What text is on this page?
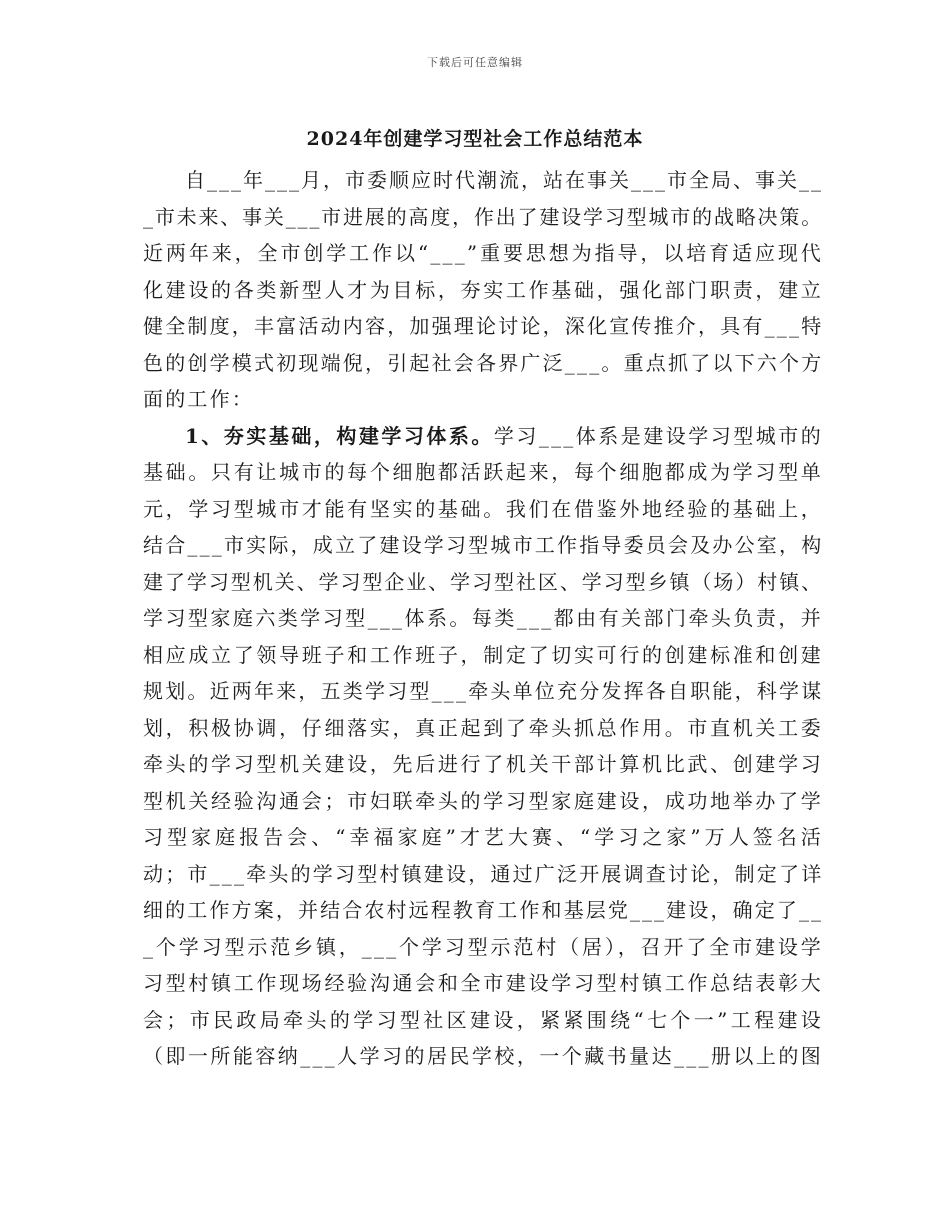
下载后可任意编辑
2024年创建学习型社会工作总结范本
自___年___月，市委顺应时代潮流，站在事关___市全局、事关__
_市未来、事关___市进展的高度，作出了建设学习型城市的战略决策。
近两年来，全市创学工作以“___”重要思想为指导，以培育适应现代
化建设的各类新型人才为目标，夯实工作基础，强化部门职责，建立
健全制度，丰富活动内容，加强理论讨论，深化宣传推介，具有___特
色的创学模式初现端倪，引起社会各界广泛___。重点抓了以下六个方
面的工作：
1、夯实基础，构建学习体系。学习___体系是建设学习型城市的
基础。只有让城市的每个细胞都活跃起来，每个细胞都成为学习型单
元，学习型城市才能有坚实的基础。我们在借鉴外地经验的基础上，
结合___市实际，成立了建设学习型城市工作指导委员会及办公室，构
建了学习型机关、学习型企业、学习型社区、学习型乡镇（场）村镇、
学习型家庭六类学习型___体系。每类___都由有关部门牵头负责，并
相应成立了领导班子和工作班子，制定了切实可行的创建标准和创建
规划。近两年来，五类学习型___牵头单位充分发挥各自职能，科学谋
划，积极协调，仔细落实，真正起到了牵头抓总作用。市直机关工委
牵头的学习型机关建设，先后进行了机关干部计算机比武、创建学习
型机关经验沟通会；市妇联牵头的学习型家庭建设，成功地举办了学
习型家庭报告会、“幸福家庭”才艺大赛、“学习之家”万人签名活
动；市___牵头的学习型村镇建设，通过广泛开展调查讨论，制定了详
细的工作方案，并结合农村远程教育工作和基层党___建设，确定了__
_个学习型示范乡镇，___个学习型示范村（居），召开了全市建设学
习型村镇工作现场经验沟通会和全市建设学习型村镇工作总结表彰大
会；市民政局牵头的学习型社区建设，紧紧围绕“七个一”工程建设
（即一所能容纳___人学习的居民学校，一个藏书量达___册以上的图
